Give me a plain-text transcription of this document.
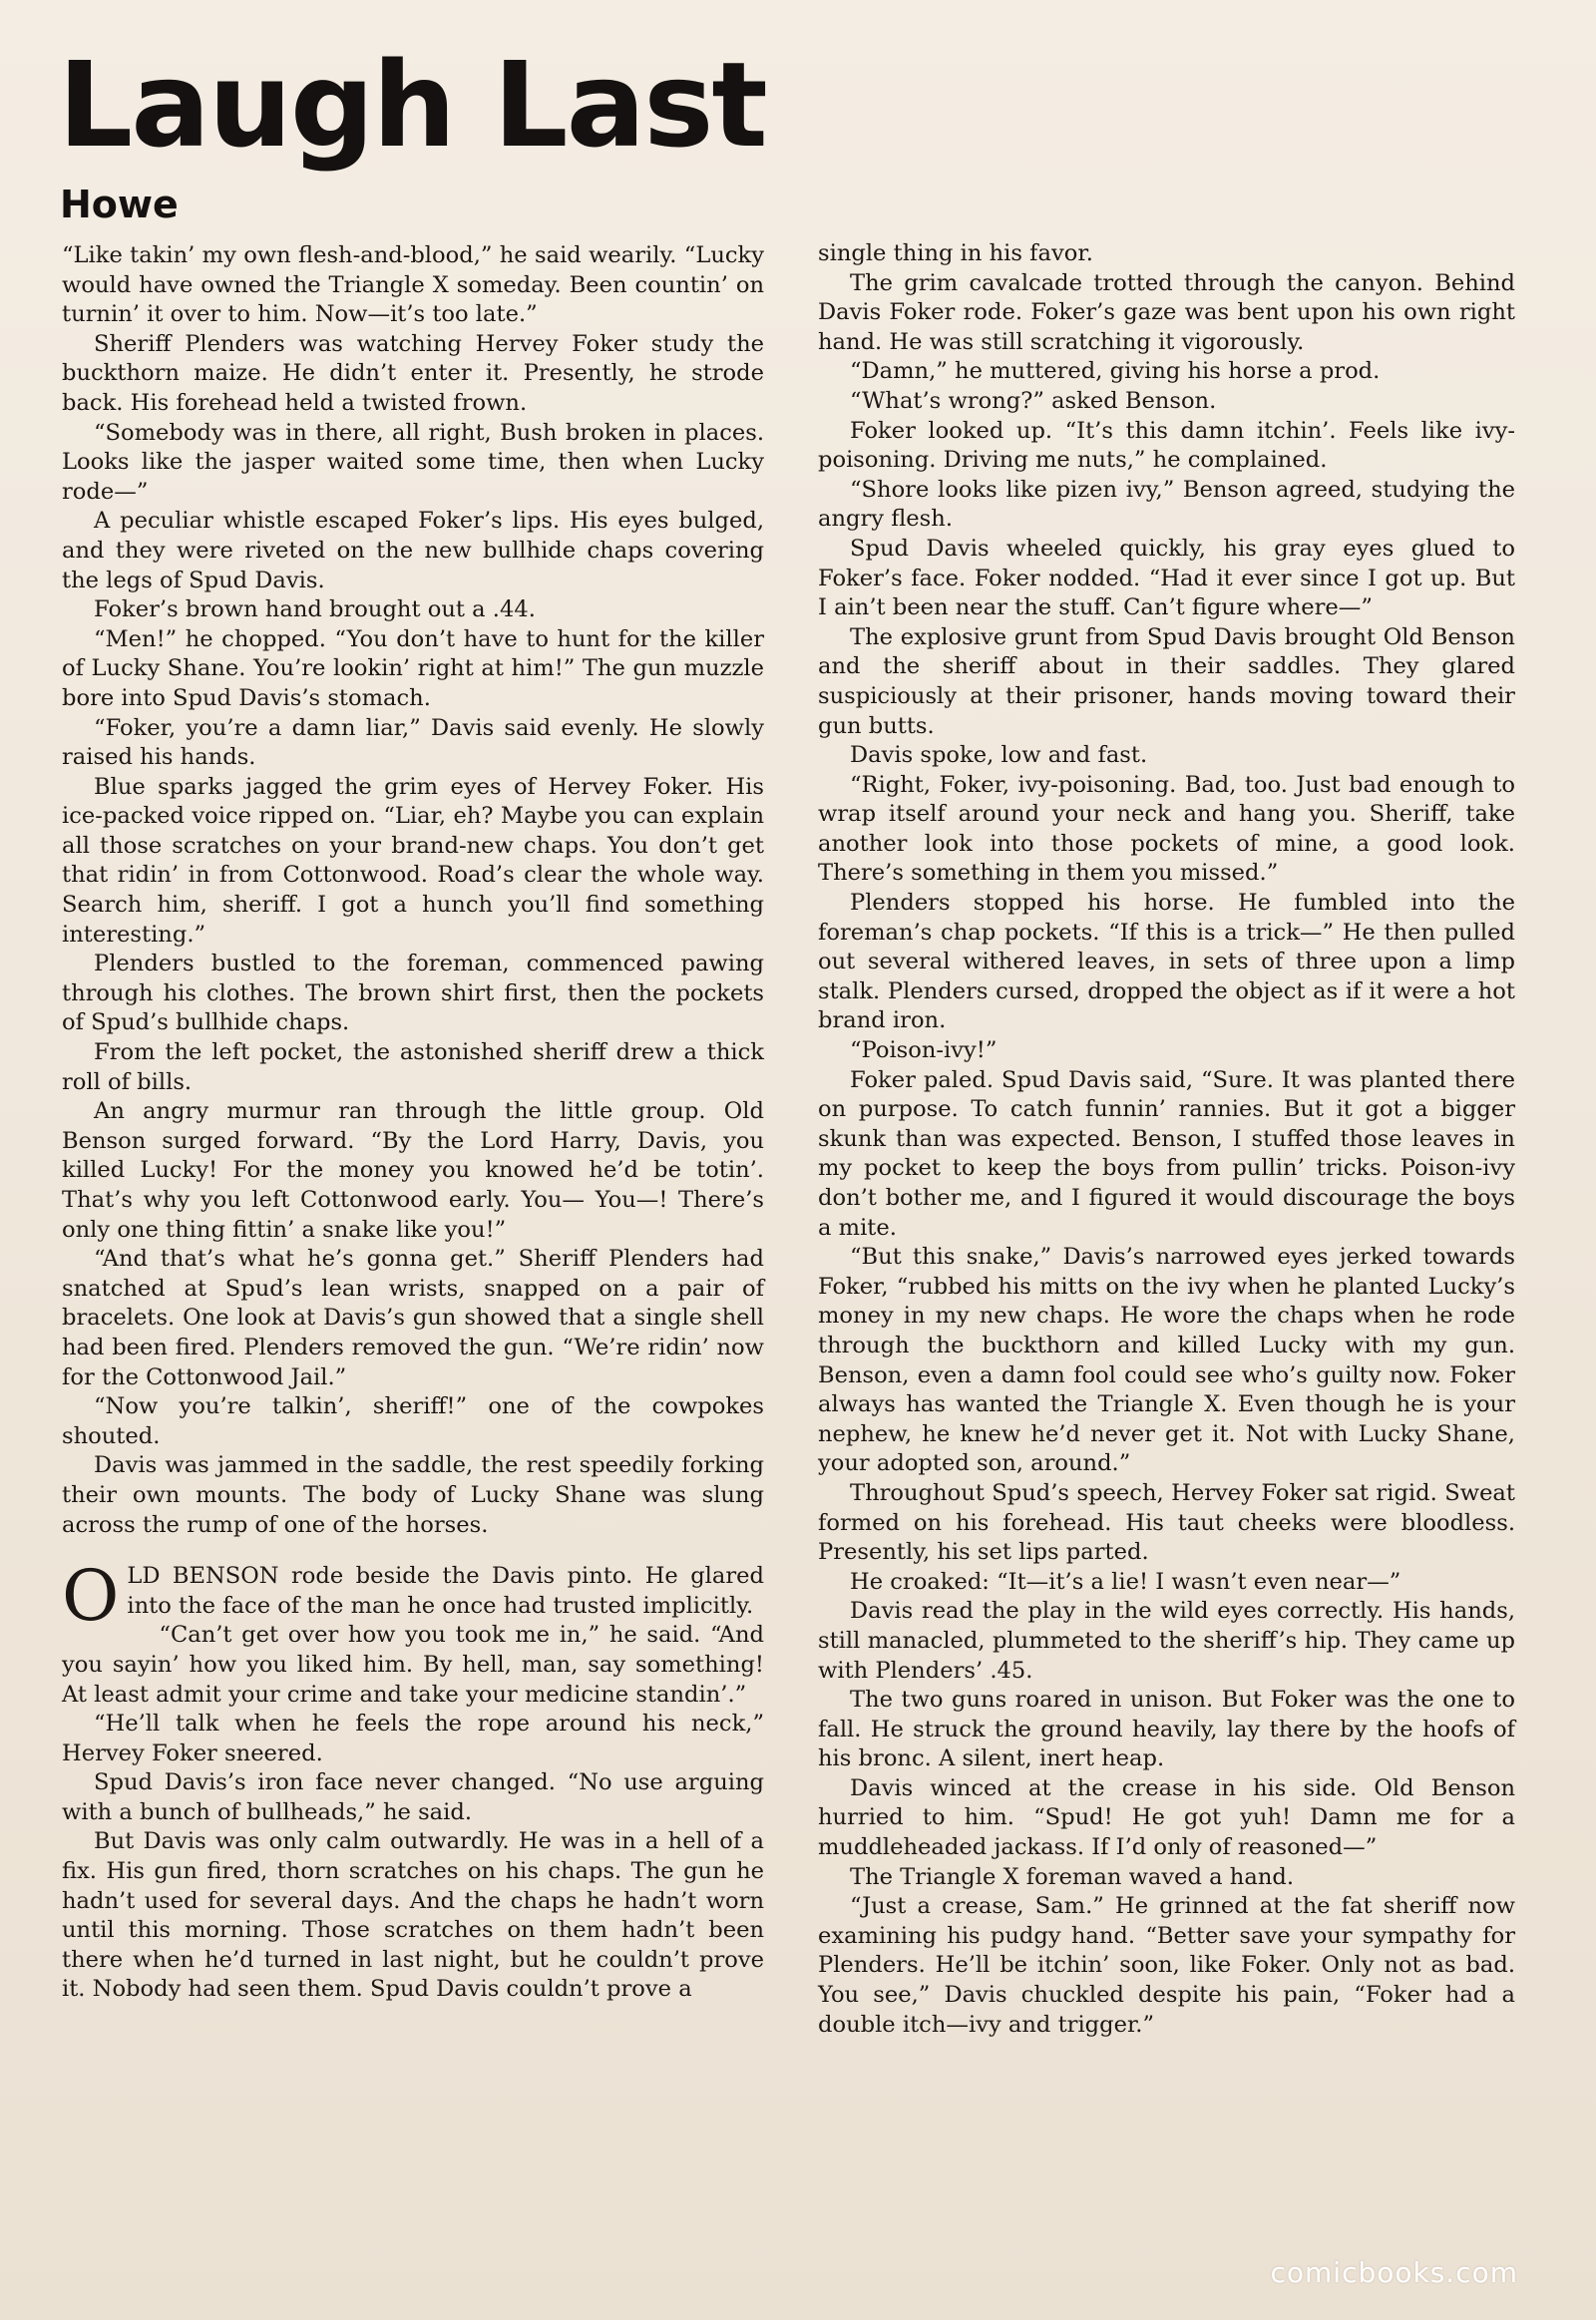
Laugh Last
Howe

“Like takin’ my own flesh-and-blood,” he said wearily. “Lucky would have owned the Triangle X someday. Been countin’ on turnin’ it over to him. Now—it’s too late.”

Sheriff Plenders was watching Hervey Foker study the buckthorn maize. He didn’t enter it. Presently, he strode back. His forehead held a twisted frown.

“Somebody was in there, all right, Bush broken in places. Looks like the jasper waited some time, then when Lucky rode—”

A peculiar whistle escaped Foker’s lips. His eyes bulged, and they were riveted on the new bullhide chaps covering the legs of Spud Davis.

Foker’s brown hand brought out a .44.

“Men!” he chopped. “You don’t have to hunt for the killer of Lucky Shane. You’re lookin’ right at him!” The gun muzzle bore into Spud Davis’s stomach.

“Foker, you’re a damn liar,” Davis said evenly. He slowly raised his hands.

Blue sparks jagged the grim eyes of Hervey Foker. His ice-packed voice ripped on. “Liar, eh? Maybe you can explain all those scratches on your brand-new chaps. You don’t get that ridin’ in from Cottonwood. Road’s clear the whole way. Search him, sheriff. I got a hunch you’ll find something interesting.”

Plenders bustled to the foreman, commenced pawing through his clothes. The brown shirt first, then the pockets of Spud’s bullhide chaps.

From the left pocket, the astonished sheriff drew a thick roll of bills.

An angry murmur ran through the little group. Old Benson surged forward. “By the Lord Harry, Davis, you killed Lucky! For the money you knowed he’d be totin’. That’s why you left Cottonwood early. You— You—! There’s only one thing fittin’ a snake like you!”

“And that’s what he’s gonna get.” Sheriff Plenders had snatched at Spud’s lean wrists, snapped on a pair of bracelets. One look at Davis’s gun showed that a single shell had been fired. Plenders removed the gun. “We’re ridin’ now for the Cottonwood Jail.”

“Now you’re talkin’, sheriff!” one of the cowpokes shouted.

Davis was jammed in the saddle, the rest speedily forking their own mounts. The body of Lucky Shane was slung across the rump of one of the horses.

OLD BENSON rode beside the Davis pinto. He glared into the face of the man he once had trusted implicitly.

“Can’t get over how you took me in,” he said. “And you sayin’ how you liked him. By hell, man, say something! At least admit your crime and take your medicine standin’.”

“He’ll talk when he feels the rope around his neck,” Hervey Foker sneered.

Spud Davis’s iron face never changed. “No use arguing with a bunch of bullheads,” he said.

But Davis was only calm outwardly. He was in a hell of a fix. His gun fired, thorn scratches on his chaps. The gun he hadn’t used for several days. And the chaps he hadn’t worn until this morning. Those scratches on them hadn’t been there when he’d turned in last night, but he couldn’t prove it. Nobody had seen them. Spud Davis couldn’t prove a

single thing in his favor.

The grim cavalcade trotted through the canyon. Behind Davis Foker rode. Foker’s gaze was bent upon his own right hand. He was still scratching it vigorously.

“Damn,” he muttered, giving his horse a prod.

“What’s wrong?” asked Benson.

Foker looked up. “It’s this damn itchin’. Feels like ivy-poisoning. Driving me nuts,” he complained.

“Shore looks like pizen ivy,” Benson agreed, studying the angry flesh.

Spud Davis wheeled quickly, his gray eyes glued to Foker’s face. Foker nodded. “Had it ever since I got up. But I ain’t been near the stuff. Can’t figure where—”

The explosive grunt from Spud Davis brought Old Benson and the sheriff about in their saddles. They glared suspiciously at their prisoner, hands moving toward their gun butts.

Davis spoke, low and fast.

“Right, Foker, ivy-poisoning. Bad, too. Just bad enough to wrap itself around your neck and hang you. Sheriff, take another look into those pockets of mine, a good look. There’s something in them you missed.”

Plenders stopped his horse. He fumbled into the foreman’s chap pockets. “If this is a trick—” He then pulled out several withered leaves, in sets of three upon a limp stalk. Plenders cursed, dropped the object as if it were a hot brand iron.

“Poison-ivy!”

Foker paled. Spud Davis said, “Sure. It was planted there on purpose. To catch funnin’ rannies. But it got a bigger skunk than was expected. Benson, I stuffed those leaves in my pocket to keep the boys from pullin’ tricks. Poison-ivy don’t bother me, and I figured it would discourage the boys a mite.

“But this snake,” Davis’s narrowed eyes jerked towards Foker, “rubbed his mitts on the ivy when he planted Lucky’s money in my new chaps. He wore the chaps when he rode through the buckthorn and killed Lucky with my gun. Benson, even a damn fool could see who’s guilty now. Foker always has wanted the Triangle X. Even though he is your nephew, he knew he’d never get it. Not with Lucky Shane, your adopted son, around.”

Throughout Spud’s speech, Hervey Foker sat rigid. Sweat formed on his forehead. His taut cheeks were bloodless. Presently, his set lips parted.

He croaked: “It—it’s a lie! I wasn’t even near—”

Davis read the play in the wild eyes correctly. His hands, still manacled, plummeted to the sheriff’s hip. They came up with Plenders’ .45.

The two guns roared in unison. But Foker was the one to fall. He struck the ground heavily, lay there by the hoofs of his bronc. A silent, inert heap.

Davis winced at the crease in his side. Old Benson hurried to him. “Spud! He got yuh! Damn me for a muddleheaded jackass. If I’d only of reasoned—”

The Triangle X foreman waved a hand.

“Just a crease, Sam.” He grinned at the fat sheriff now examining his pudgy hand. “Better save your sympathy for Plenders. He’ll be itchin’ soon, like Foker. Only not as bad. You see,” Davis chuckled despite his pain, “Foker had a double itch—ivy and trigger.”

comicbooks.com
